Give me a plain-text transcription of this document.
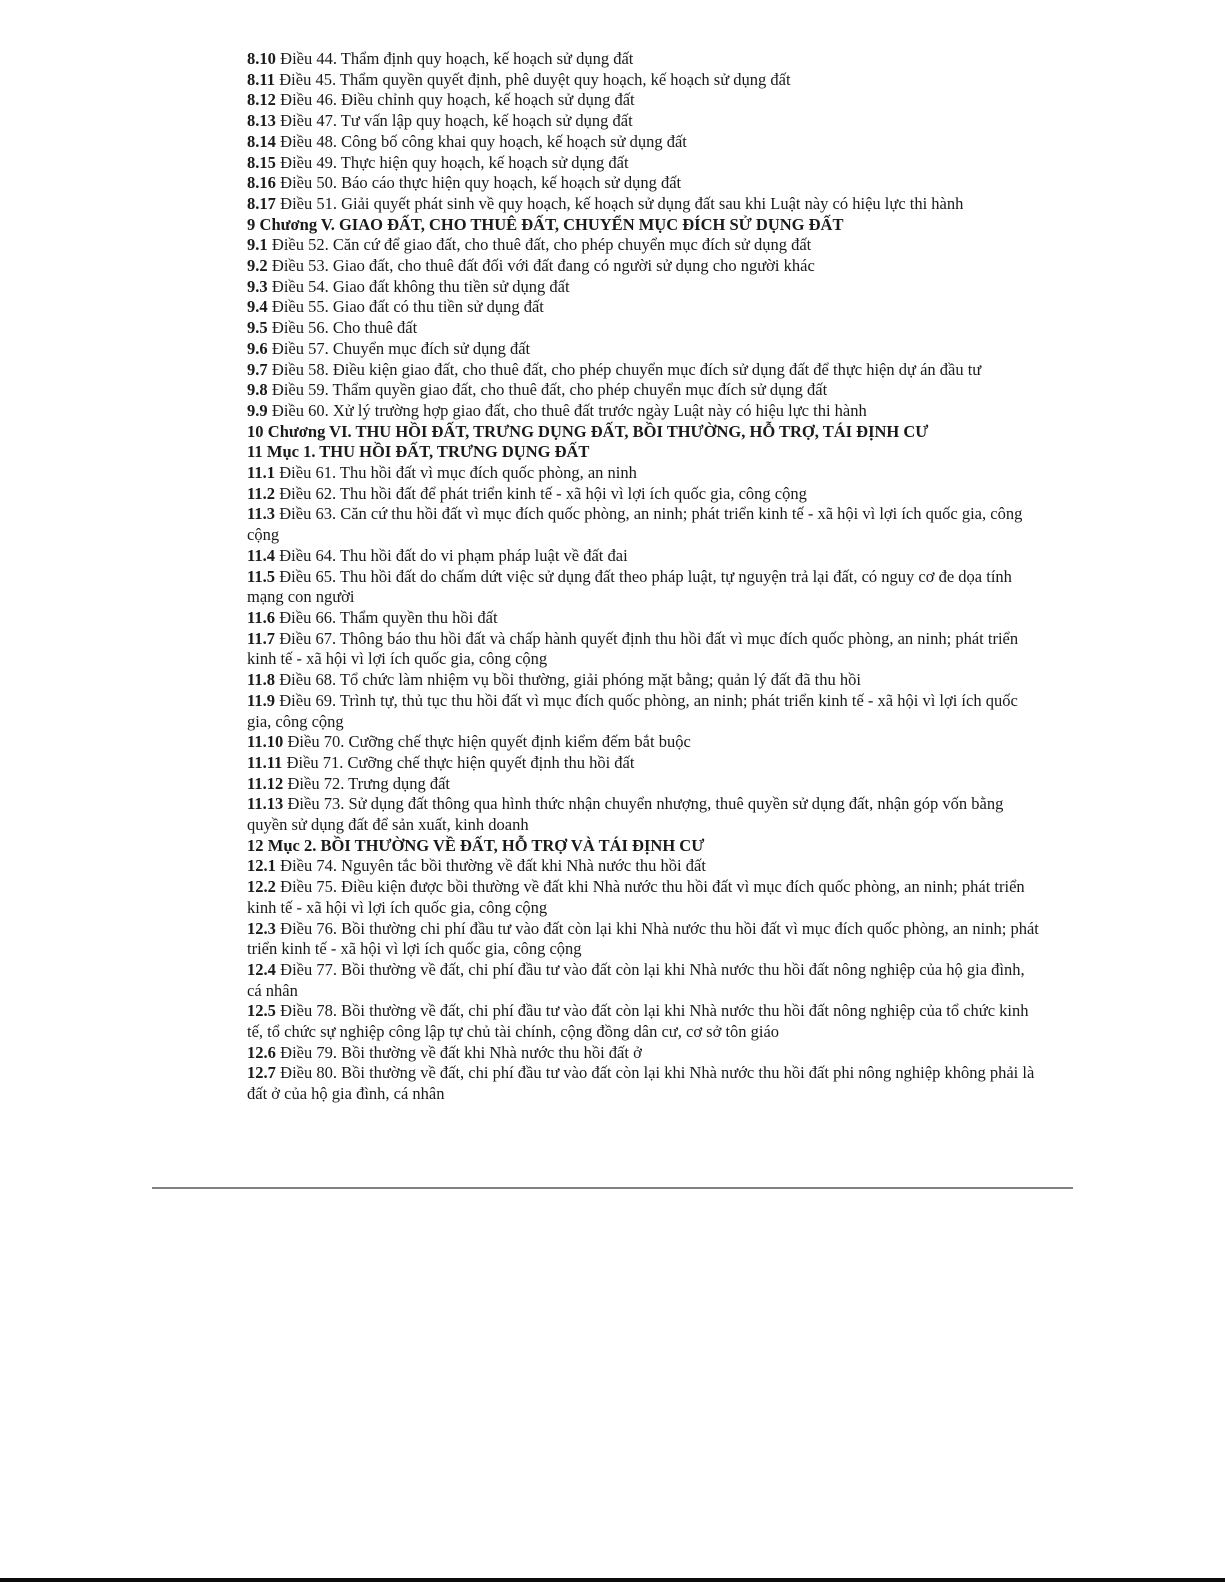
8.10 Điều 44. Thẩm định quy hoạch, kế hoạch sử dụng đất

8.11 Điều 45. Thẩm quyền quyết định, phê duyệt quy hoạch, kế hoạch sử dụng đất

8.12 Điều 46. Điều chỉnh quy hoạch, kế hoạch sử dụng đất

8.13 Điều 47. Tư vấn lập quy hoạch, kế hoạch sử dụng đất

8.14 Điều 48. Công bố công khai quy hoạch, kế hoạch sử dụng đất

8.15 Điều 49. Thực hiện quy hoạch, kế hoạch sử dụng đất

8.16 Điều 50. Báo cáo thực hiện quy hoạch, kế hoạch sử dụng đất

8.17 Điều 51. Giải quyết phát sinh về quy hoạch, kế hoạch sử dụng đất sau khi Luật này có hiệu lực thi hành

9 Chương V. GIAO ĐẤT, CHO THUÊ ĐẤT, CHUYỂN MỤC ĐÍCH SỬ DỤNG ĐẤT

9.1 Điều 52. Căn cứ để giao đất, cho thuê đất, cho phép chuyển mục đích sử dụng đất

9.2 Điều 53. Giao đất, cho thuê đất đối với đất đang có người sử dụng cho người khác

9.3 Điều 54. Giao đất không thu tiền sử dụng đất

9.4 Điều 55. Giao đất có thu tiền sử dụng đất

9.5 Điều 56. Cho thuê đất

9.6 Điều 57. Chuyển mục đích sử dụng đất

9.7 Điều 58. Điều kiện giao đất, cho thuê đất, cho phép chuyển mục đích sử dụng đất để thực hiện dự án đầu tư

9.8 Điều 59. Thẩm quyền giao đất, cho thuê đất, cho phép chuyển mục đích sử dụng đất

9.9 Điều 60. Xử lý trường hợp giao đất, cho thuê đất trước ngày Luật này có hiệu lực thi hành

10 Chương VI. THU HỒI ĐẤT, TRƯNG DỤNG ĐẤT, BỒI THƯỜNG, HỖ TRỢ, TÁI ĐỊNH CƯ

11 Mục 1. THU HỒI ĐẤT, TRƯNG DỤNG ĐẤT

11.1 Điều 61. Thu hồi đất vì mục đích quốc phòng, an ninh

11.2 Điều 62. Thu hồi đất để phát triển kinh tế - xã hội vì lợi ích quốc gia, công cộng

11.3 Điều 63. Căn cứ thu hồi đất vì mục đích quốc phòng, an ninh; phát triển kinh tế - xã hội vì lợi ích quốc gia, công cộng

11.4 Điều 64. Thu hồi đất do vi phạm pháp luật về đất đai

11.5 Điều 65. Thu hồi đất do chấm dứt việc sử dụng đất theo pháp luật, tự nguyện trả lại đất, có nguy cơ đe dọa tính mạng con người

11.6 Điều 66. Thẩm quyền thu hồi đất

11.7 Điều 67. Thông báo thu hồi đất và chấp hành quyết định thu hồi đất vì mục đích quốc phòng, an ninh; phát triển kinh tế - xã hội vì lợi ích quốc gia, công cộng

11.8 Điều 68. Tổ chức làm nhiệm vụ bồi thường, giải phóng mặt bằng; quản lý đất đã thu hồi

11.9 Điều 69. Trình tự, thủ tục thu hồi đất vì mục đích quốc phòng, an ninh; phát triển kinh tế - xã hội vì lợi ích quốc gia, công cộng

11.10 Điều 70. Cưỡng chế thực hiện quyết định kiểm đếm bắt buộc

11.11 Điều 71. Cưỡng chế thực hiện quyết định thu hồi đất

11.12 Điều 72. Trưng dụng đất

11.13 Điều 73. Sử dụng đất thông qua hình thức nhận chuyển nhượng, thuê quyền sử dụng đất, nhận góp vốn bằng quyền sử dụng đất để sản xuất, kinh doanh

12 Mục 2. BỒI THƯỜNG VỀ ĐẤT, HỖ TRỢ VÀ TÁI ĐỊNH CƯ

12.1 Điều 74. Nguyên tắc bồi thường về đất khi Nhà nước thu hồi đất

12.2 Điều 75. Điều kiện được bồi thường về đất khi Nhà nước thu hồi đất vì mục đích quốc phòng, an ninh; phát triển kinh tế - xã hội vì lợi ích quốc gia, công cộng

12.3 Điều 76. Bồi thường chi phí đầu tư vào đất còn lại khi Nhà nước thu hồi đất vì mục đích quốc phòng, an ninh; phát triển kinh tế - xã hội vì lợi ích quốc gia, công cộng

12.4 Điều 77. Bồi thường về đất, chi phí đầu tư vào đất còn lại khi Nhà nước thu hồi đất nông nghiệp của hộ gia đình, cá nhân

12.5 Điều 78. Bồi thường về đất, chi phí đầu tư vào đất còn lại khi Nhà nước thu hồi đất nông nghiệp của tổ chức kinh tế, tổ chức sự nghiệp công lập tự chủ tài chính, cộng đồng dân cư, cơ sở tôn giáo

12.6 Điều 79. Bồi thường về đất khi Nhà nước thu hồi đất ở

12.7 Điều 80. Bồi thường về đất, chi phí đầu tư vào đất còn lại khi Nhà nước thu hồi đất phi nông nghiệp không phải là đất ở của hộ gia đình, cá nhân
